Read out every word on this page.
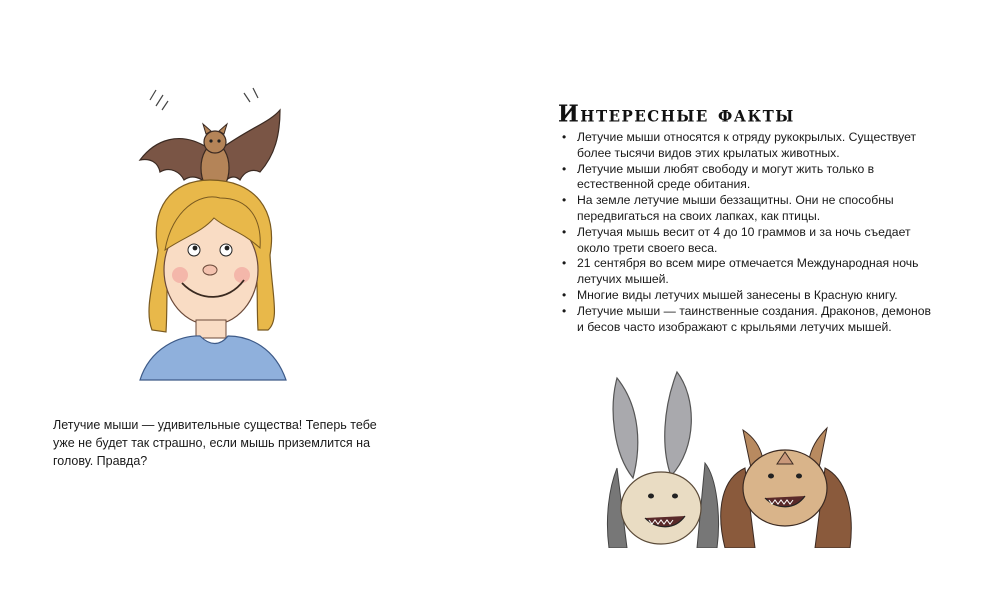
Летучие мыши — удивительные существа! Теперь тебе уже не будет так страшно, если мышь приземлится на голову. Правда?
Интересные факты
• Летучие мыши относятся к отряду рукокрылых. Существует более тысячи видов этих крылатых животных.
• Летучие мыши любят свободу и могут жить только в естественной среде обитания.
• На земле летучие мыши беззащитны. Они не способны передвигаться на своих лапках, как птицы.
• Летучая мышь весит от 4 до 10 граммов и за ночь съедает около трети своего веса.
• 21 сентября во всем мире отмечается Международная ночь летучих мышей.
• Многие виды летучих мышей занесены в Красную книгу.
• Летучие мыши — таинственные создания. Драконов, демонов и бесов часто изображают с крыльями летучих мышей.
